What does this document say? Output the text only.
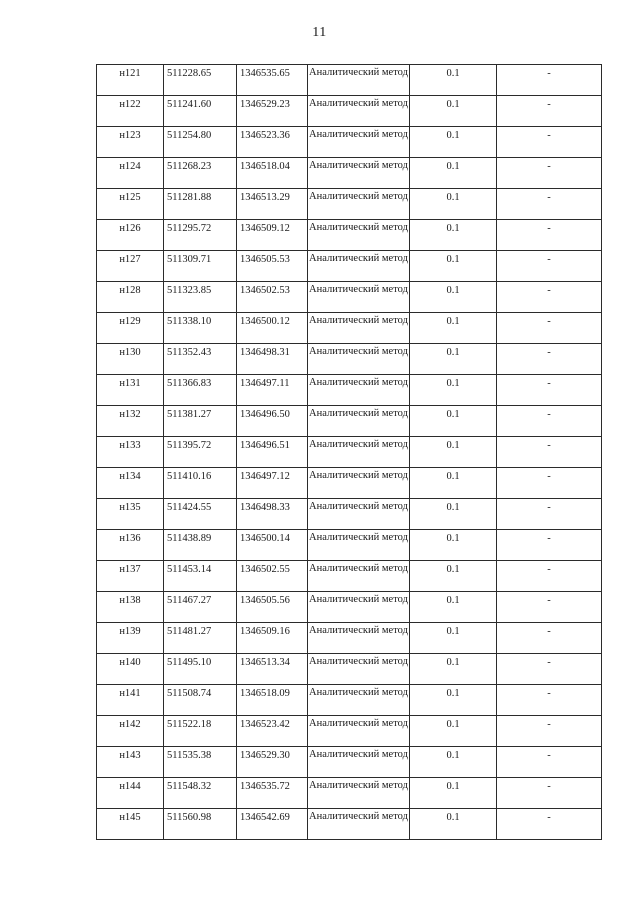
11
н121	511228.65	1346535.65	Аналитический метод	0.1	-

н122	511241.60	1346529.23	Аналитический метод	0.1	-

н123	511254.80	1346523.36	Аналитический метод	0.1	-

н124	511268.23	1346518.04	Аналитический метод	0.1	-

н125	511281.88	1346513.29	Аналитический метод	0.1	-

н126	511295.72	1346509.12	Аналитический метод	0.1	-

н127	511309.71	1346505.53	Аналитический метод	0.1	-

н128	511323.85	1346502.53	Аналитический метод	0.1	-

н129	511338.10	1346500.12	Аналитический метод	0.1	-

н130	511352.43	1346498.31	Аналитический метод	0.1	-

н131	511366.83	1346497.11	Аналитический метод	0.1	-

н132	511381.27	1346496.50	Аналитический метод	0.1	-

н133	511395.72	1346496.51	Аналитический метод	0.1	-

н134	511410.16	1346497.12	Аналитический метод	0.1	-

н135	511424.55	1346498.33	Аналитический метод	0.1	-

н136	511438.89	1346500.14	Аналитический метод	0.1	-

н137	511453.14	1346502.55	Аналитический метод	0.1	-

н138	511467.27	1346505.56	Аналитический метод	0.1	-

н139	511481.27	1346509.16	Аналитический метод	0.1	-

н140	511495.10	1346513.34	Аналитический метод	0.1	-

н141	511508.74	1346518.09	Аналитический метод	0.1	-

н142	511522.18	1346523.42	Аналитический метод	0.1	-

н143	511535.38	1346529.30	Аналитический метод	0.1	-

н144	511548.32	1346535.72	Аналитический метод	0.1	-

н145	511560.98	1346542.69	Аналитический метод	0.1	-
